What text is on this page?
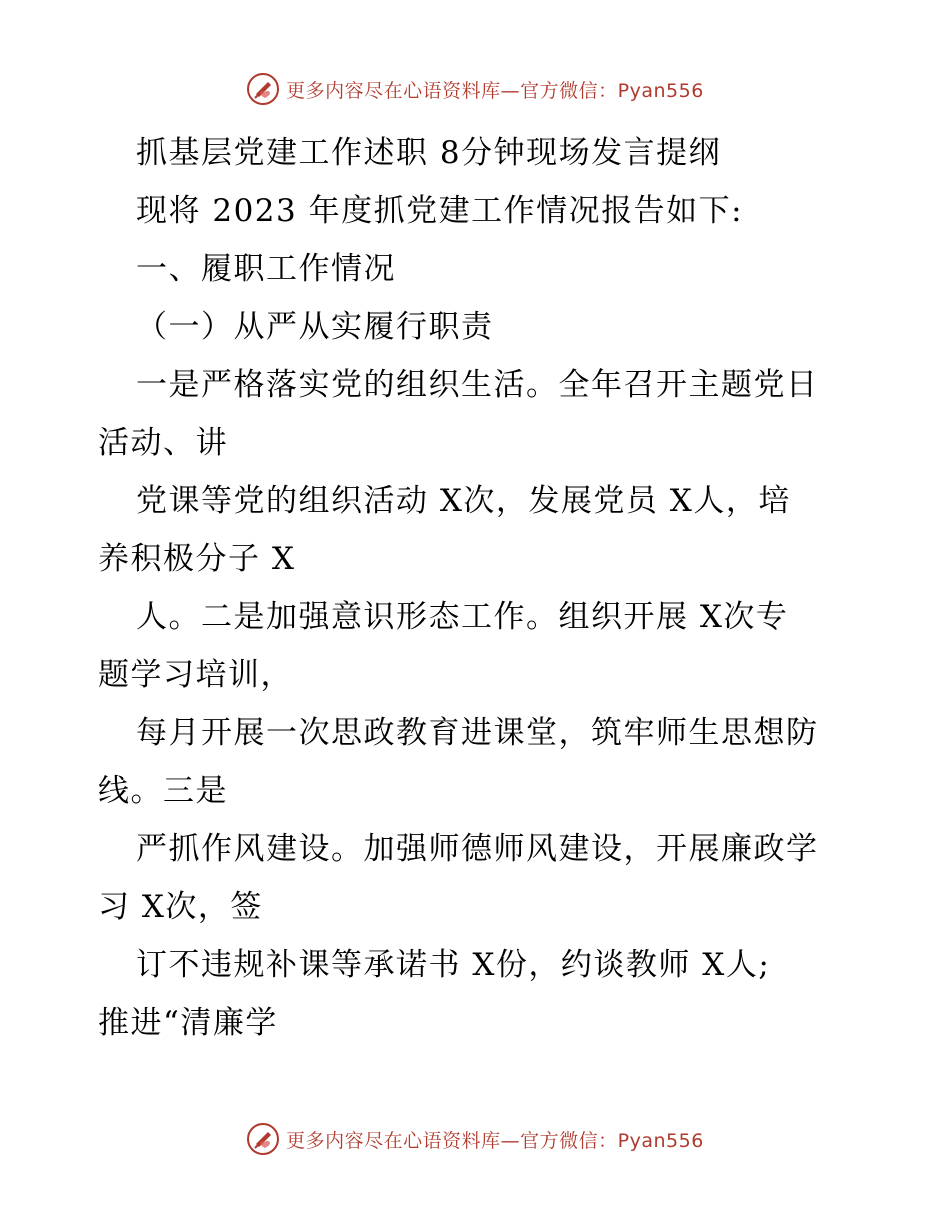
更多内容尽在心语资料库—官方微信：Pyan556
抓基层党建工作述职 8分钟现场发言提纲
现将 2023 年度抓党建工作情况报告如下:
一、履职工作情况
（一）从严从实履行职责
一是严格落实党的组织生活。全年召开主题党日
活动、讲
党课等党的组织活动 X次，发展党员 X人，培
养积极分子 X
人。二是加强意识形态工作。组织开展 X次专
题学习培训，
每月开展一次思政教育进课堂，筑牢师生思想防
线。三是
严抓作风建设。加强师德师风建设，开展廉政学
习 X次，签
订不违规补课等承诺书 X份，约谈教师 X人;
推进“清廉学
更多内容尽在心语资料库—官方微信：Pyan556
